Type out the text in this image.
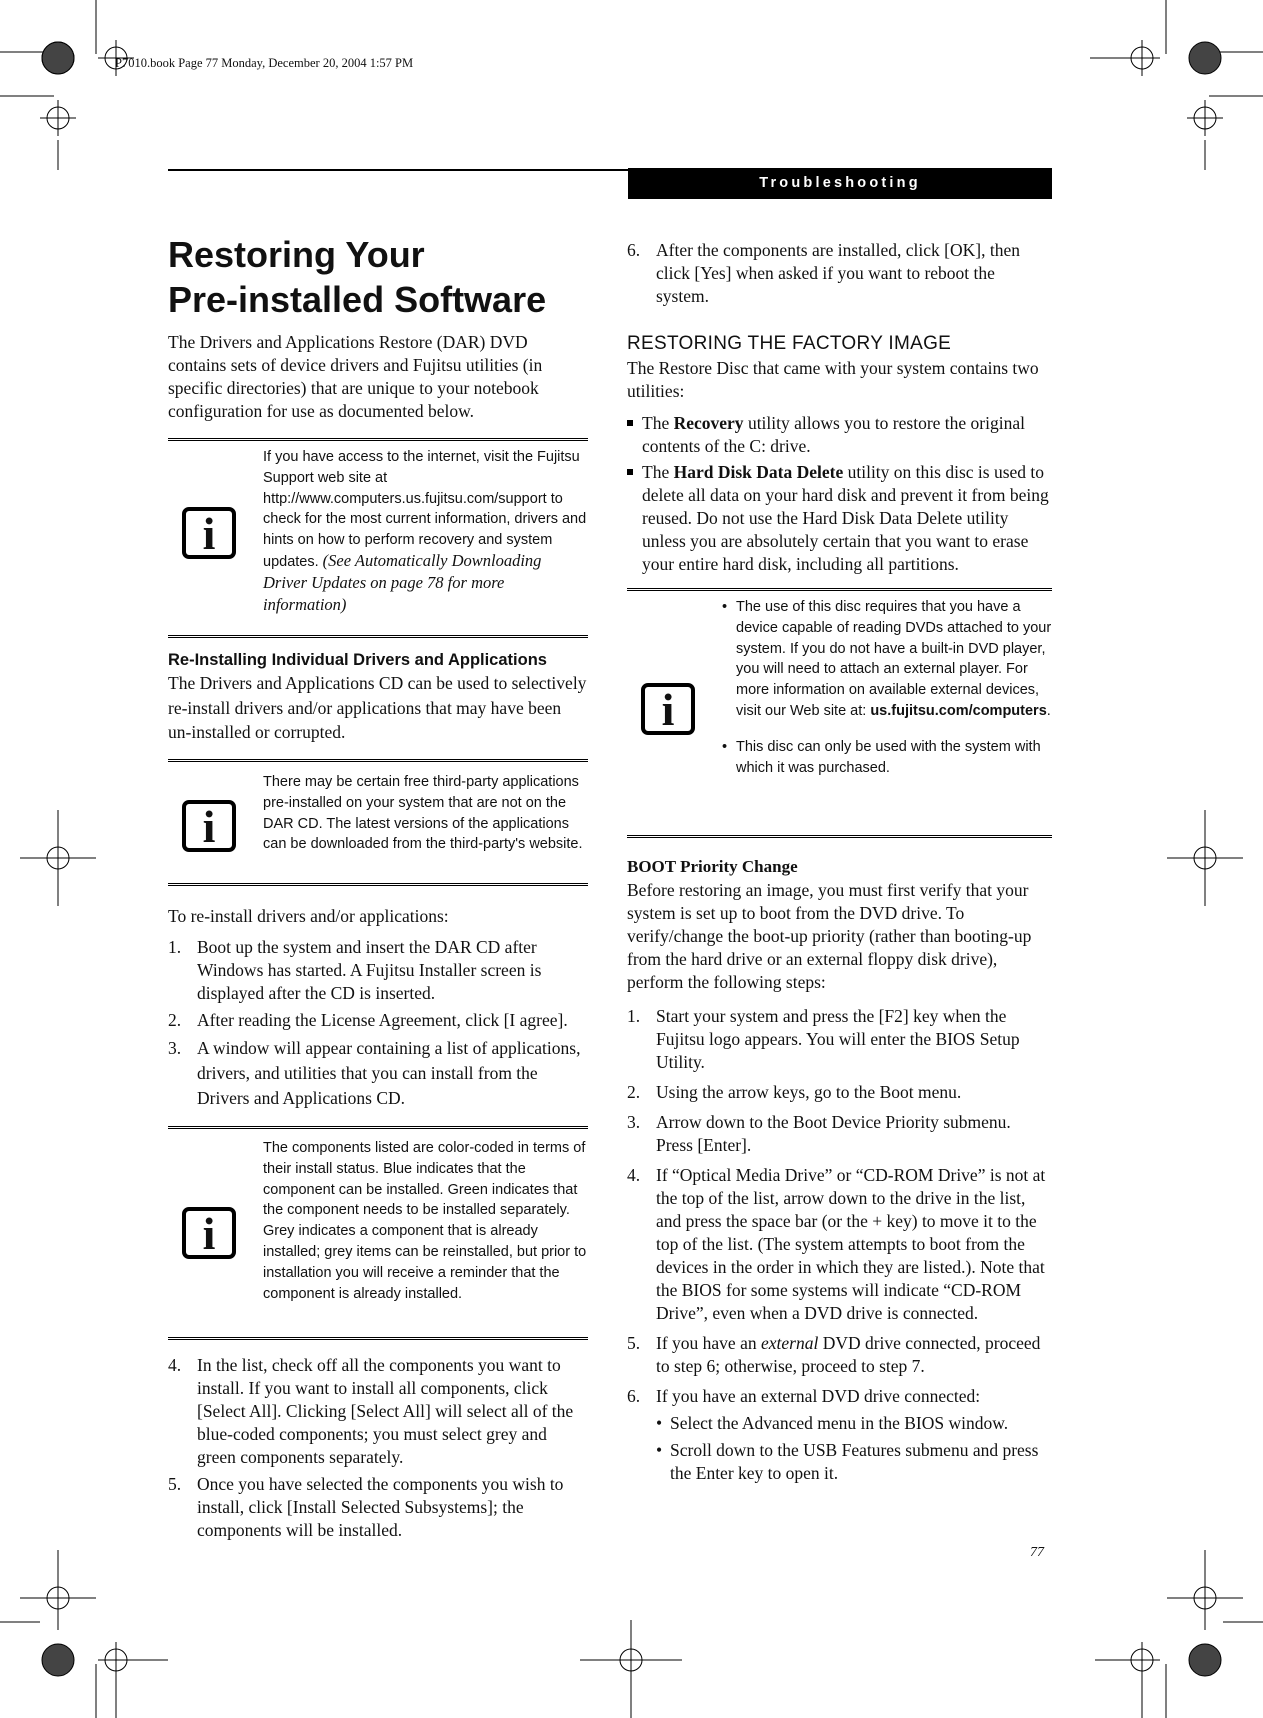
P7010.book Page 77 Monday, December 20, 2004 1:57 PM
Troubleshooting
Restoring Your
Pre-installed Software

The Drivers and Applications Restore (DAR) DVD contains sets of device drivers and Fujitsu utilities (in specific directories) that are unique to your notebook configuration for use as documented below.

i
If you have access to the internet, visit the Fujitsu Support web site at http://www.computers.us.fujitsu.com/support to check for the most current information, drivers and hints on how to perform recovery and system updates. (See Automatically Downloading Driver Updates on page 78 for more information)
Re-Installing Individual Drivers and Applications

The Drivers and Applications CD can be used to selectively re-install drivers and/or applications that may have been un-installed or corrupted.

i
There may be certain free third-party applications pre-installed on your system that are not on the DAR CD. The latest versions of the applications can be downloaded from the third-party's website.

To re-install drivers and/or applications:

1. Boot up the system and insert the DAR CD after Windows has started. A Fujitsu Installer screen is displayed after the CD is inserted.
2. After reading the License Agreement, click [I agree].
3. A window will appear containing a list of applications, drivers, and utilities that you can install from the Drivers and Applications CD.
i
The components listed are color-coded in terms of their install status. Blue indicates that the component can be installed. Green indicates that the component needs to be installed separately. Grey indicates a component that is already installed; grey items can be reinstalled, but prior to installation you will receive a reminder that the component is already installed.
4. In the list, check off all the components you want to install. If you want to install all components, click [Select All]. Clicking [Select All] will select all of the blue-coded components; you must select grey and green components separately.
5. Once you have selected the components you wish to install, click [Install Selected Subsystems]; the components will be installed.
6. After the components are installed, click [OK], then click [Yes] when asked if you want to reboot the system.
RESTORING THE FACTORY IMAGE

The Restore Disc that came with your system contains two utilities:

The Recovery utility allows you to restore the original contents of the C: drive.
The Hard Disk Data Delete utility on this disc is used to delete all data on your hard disk and prevent it from being reused. Do not use the Hard Disk Data Delete utility unless you are absolutely certain that you want to erase your entire hard disk, including all partitions.
i
• The use of this disc requires that you have a device capable of reading DVDs attached to your system. If you do not have a built-in DVD player, you will need to attach an external player. For more information on available external devices, visit our Web site at: us.fujitsu.com/computers.
• This disc can only be used with the system with which it was purchased.
BOOT Priority Change

Before restoring an image, you must first verify that your system is set up to boot from the DVD drive. To verify/change the boot-up priority (rather than booting-up from the hard drive or an external floppy disk drive), perform the following steps:

1. Start your system and press the [F2] key when the Fujitsu logo appears. You will enter the BIOS Setup Utility.
2. Using the arrow keys, go to the Boot menu.
3. Arrow down to the Boot Device Priority submenu. Press [Enter].
4. If “Optical Media Drive” or “CD-ROM Drive” is not at the top of the list, arrow down to the drive in the list, and press the space bar (or the + key) to move it to the top of the list. (The system attempts to boot from the devices in the order in which they are listed.). Note that the BIOS for some systems will indicate “CD-ROM Drive”, even when a DVD drive is connected.
5. If you have an external DVD drive connected, proceed to step 6; otherwise, proceed to step 7.
6. If you have an external DVD drive connected:
• Select the Advanced menu in the BIOS window.
• Scroll down to the USB Features submenu and press the Enter key to open it.
77
